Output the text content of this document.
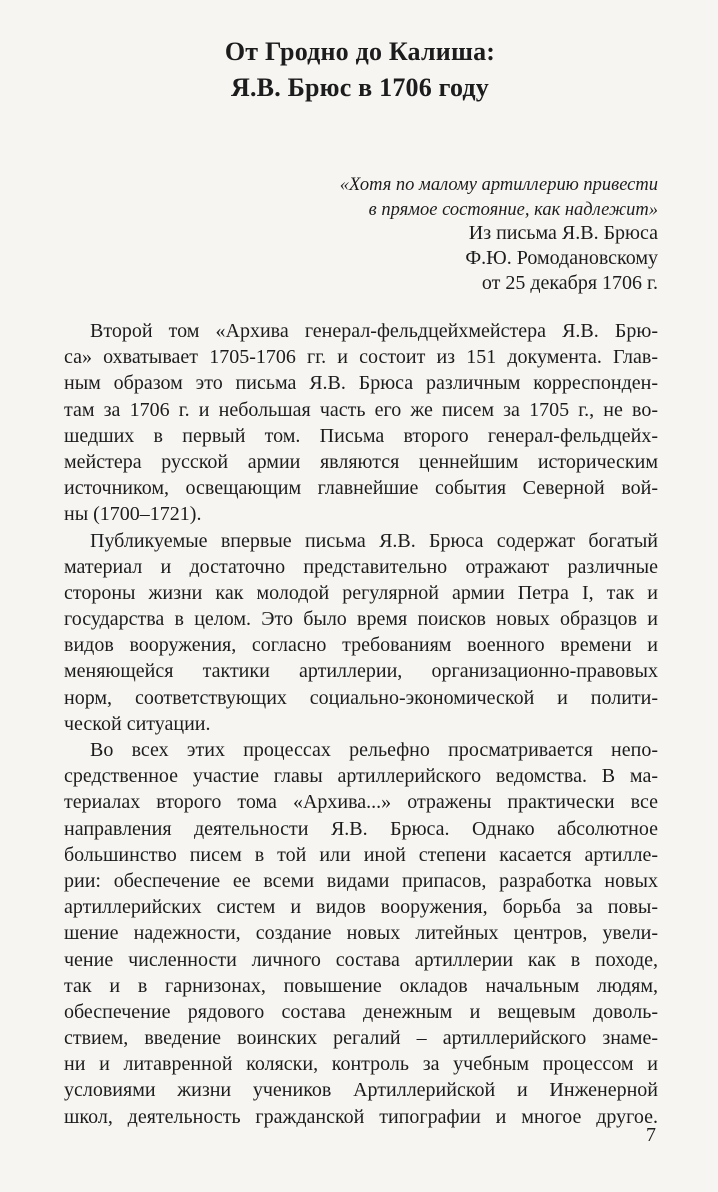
От Гродно до Калиша:
Я.В. Брюс в 1706 году
«Хотя по малому артиллерию привести
в прямое состояние, как надлежит»
Из письма Я.В. Брюса
Ф.Ю. Ромодановскому
от 25 декабря 1706 г.
Второй том «Архива генерал-фельдцейхмейстера Я.В. Брю-
са» охватывает 1705-1706 гг. и состоит из 151 документа. Глав-
ным образом это письма Я.В. Брюса различным корреспонден-
там за 1706 г. и небольшая часть его же писем за 1705 г., не во-
шедших в первый том. Письма второго генерал-фельдцейх-
мейстера русской армии являются ценнейшим историческим
источником, освещающим главнейшие события Северной вой-
ны (1700–1721).
Публикуемые впервые письма Я.В. Брюса содержат богатый
материал и достаточно представительно отражают различные
стороны жизни как молодой регулярной армии Петра I, так и
государства в целом. Это было время поисков новых образцов и
видов вооружения, согласно требованиям военного времени и
меняющейся тактики артиллерии, организационно-правовых
норм, соответствующих социально-экономической и полити-
ческой ситуации.
Во всех этих процессах рельефно просматривается непо-
средственное участие главы артиллерийского ведомства. В ма-
териалах второго тома «Архива...» отражены практически все
направления деятельности Я.В. Брюса. Однако абсолютное
большинство писем в той или иной степени касается артилле-
рии: обеспечение ее всеми видами припасов, разработка новых
артиллерийских систем и видов вооружения, борьба за повы-
шение надежности, создание новых литейных центров, увели-
чение численности личного состава артиллерии как в походе,
так и в гарнизонах, повышение окладов начальным людям,
обеспечение рядового состава денежным и вещевым доволь-
ствием, введение воинских регалий – артиллерийского знаме-
ни и литавренной коляски, контроль за учебным процессом и
условиями жизни учеников Артиллерийской и Инженерной
школ, деятельность гражданской типографии и многое другое.
7
